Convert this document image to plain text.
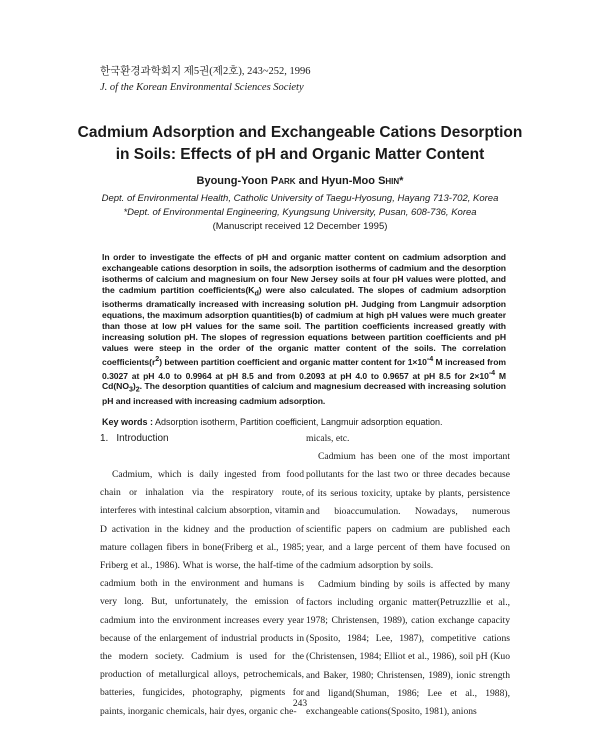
한국환경과학회지 제5권(제2호), 243~252, 1996
J. of the Korean Environmental Sciences Society
Cadmium Adsorption and Exchangeable Cations Desorption
in Soils: Effects of pH and Organic Matter Content
Byoung-Yoon Park and Hyun-Moo Shin*
Dept. of Environmental Health, Catholic University of Taegu-Hyosung, Hayang 713-702, Korea
*Dept. of Environmental Engineering, Kyungsung University, Pusan, 608-736, Korea
(Manuscript received 12 December 1995)
In order to investigate the effects of pH and organic matter content on cadmium adsorption and exchangeable cations desorption in soils, the adsorption isotherms of cadmium and the desorption isotherms of calcium and magnesium on four New Jersey soils at four pH values were plotted, and the cadmium partition $coefficients(K_d)$ were also calculated. The slopes of cadmium adsorption isotherms dramatically increased with increasing solution pH. Judging from Langmuir adsorption equations, the maximum adsorption quantities(b) of cadmium at high pH values were much greater than those at low pH values for the same soil. The partition coefficients increased greatly with increasing solution pH. The slopes of regression equations between partition coefficients and pH values were steep in the order of the organic matter content of the soils. The correlation $coefficients(r^2)$ between partition coefficient and organic matter content for $1\times 10^{-4}$ M increased from 0.3027 at pH 4.0 to 0.9964 at pH 8.5 and from 0.2093 at pH 4.0 to 0.9657 at pH 8.5 for $2\times 10^{-4}$ M $Cd(NO_3)_2$. The desorption quantities of calcium and magnesium decreased with increasing solution pH and increased with increasing cadmium adsorption.
Key words : Adsorption isotherm, Partition coefficient, Langmuir adsorption equation.
1. Introduction

Cadmium, which is daily ingested from food chain or inhalation via the respiratory route, interferes with intestinal calcium absorption, vitamin D activation in the kidney and the production of mature collagen fibers in bone(Friberg et al., 1985; Friberg et al., 1986). What is worse, the half-time of cadmium both in the environment and humans is very long. But, unfortunately, the emission of cadmium into the environment increases every year because of the enlargement of industrial products in the modern society. Cadmium is used for the production of metallurgical alloys, petrochemicals, batteries, fungicides, photography, pigments for paints, inorganic chemicals, hair dyes, organic che-

micals, etc.

Cadmium has been one of the most important pollutants for the last two or three decades because of its serious toxicity, uptake by plants, persistence and bioaccumulation. Nowadays, numerous scientific papers on cadmium are published each year, and a large percent of them have focused on the cadmium adsorption by soils.

Cadmium binding by soils is affected by many factors including organic matter(Petruzzllie et al., 1978; Christensen, 1989), cation exchange capacity (Sposito, 1984; Lee, 1987), competitive cations (Christensen, 1984; Elliot et al., 1986), soil pH (Kuo and Baker, 1980; Christensen, 1989), ionic strength and ligand(Shuman, 1986; Lee et al., 1988), exchangeable cations(Sposito, 1981), anions

243
